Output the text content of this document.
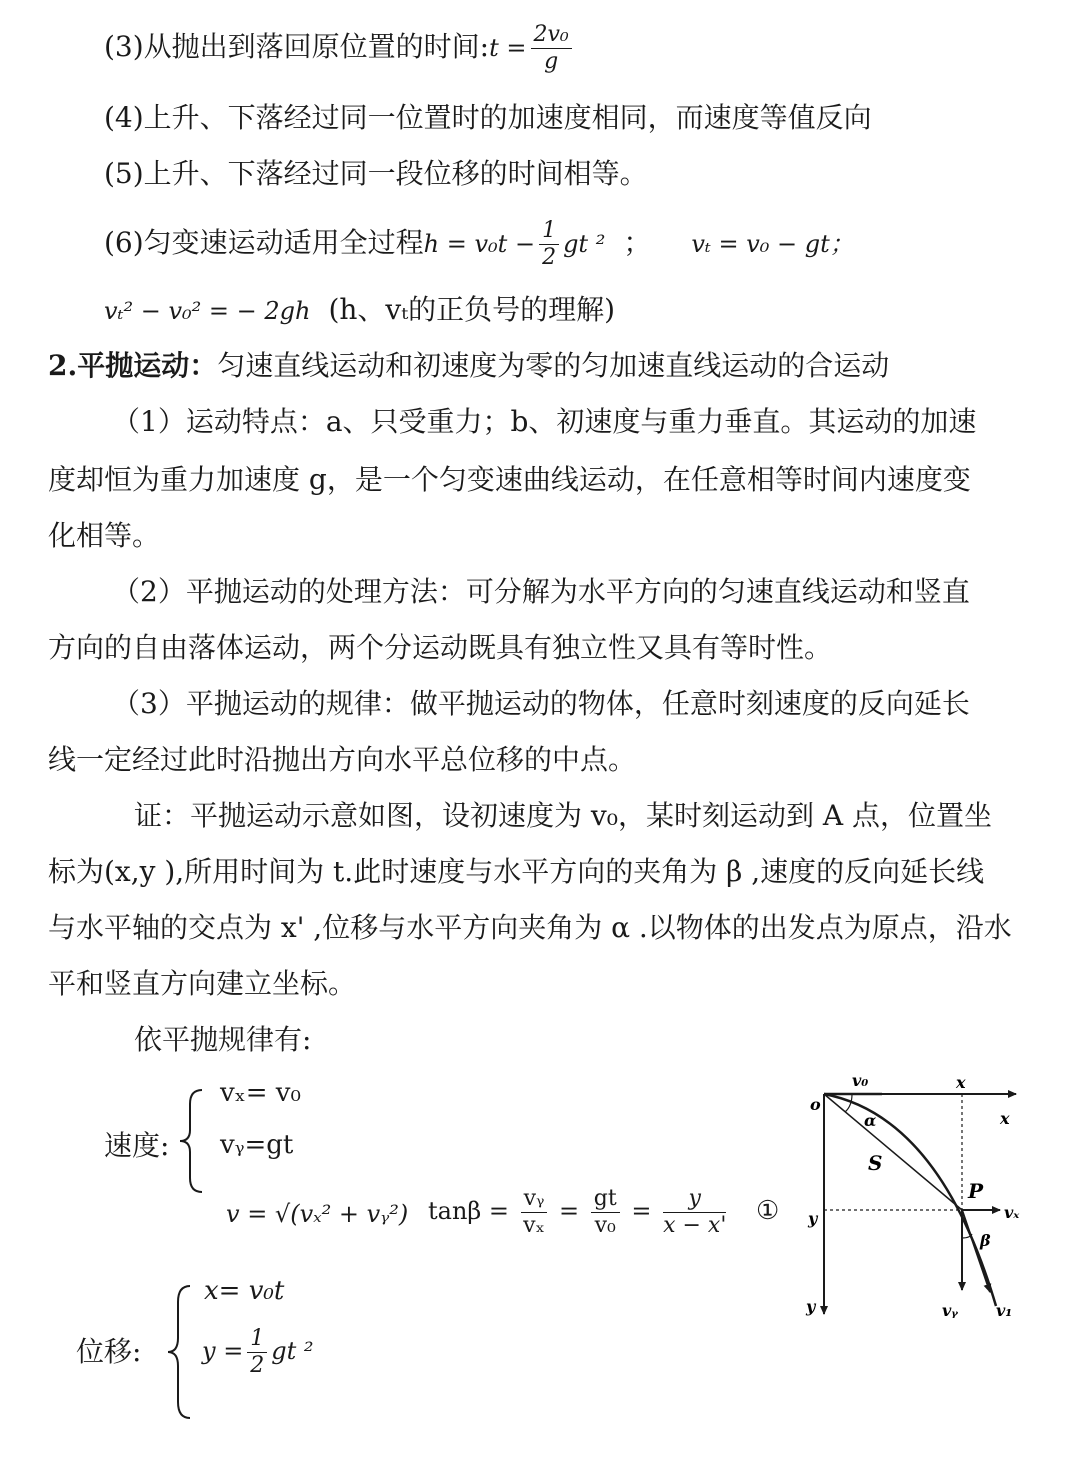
(3)从抛出到落回原位置的时间:t = $\frac{\text{2v₀}}{g}$
(4)上升、下落经过同一位置时的加速度相同，而速度等值反向
(5)上升、下落经过同一段位移的时间相等。
(6)匀变速运动适用全过程$h = v_0t - \frac{1}{2}$ gt ² ； vₜ = v₀ − gt；
vₜ² − v₀² = − 2gh (h、vₜ的正负号的理解)
2.平抛运动：匀速直线运动和初速度为零的匀加速直线运动的合运动
（1）运动特点：a、只受重力；b、初速度与重力垂直。其运动的加速
度却恒为重力加速度 g，是一个匀变速曲线运动，在任意相等时间内速度变
化相等。
（2）平抛运动的处理方法：可分解为水平方向的匀速直线运动和竖直
方向的自由落体运动，两个分运动既具有独立性又具有等时性。
（3）平抛运动的规律：做平抛运动的物体，任意时刻速度的反向延长
线一定经过此时沿抛出方向水平总位移的中点。
证：平抛运动示意如图，设初速度为 v₀，某时刻运动到 A 点，位置坐
标为(x,y ),所用时间为 t.此时速度与水平方向的夹角为 β ,速度的反向延长线
与水平轴的交点为 x' ,位移与水平方向夹角为 α .以物体的出发点为原点，沿水
平和竖直方向建立坐标。
依平抛规律有:
速度:
vₓ= v₀
vᵧ=gt
v = √(vₓ² + vᵧ²) $\tan\beta = \frac{\text{vᵧ}}{\text{vₓ}} = \frac{gt}{\text{v₀}} = \frac{y}{x - x'}$ ①
位移:
x= v₀t
$y = \frac{1}{2}$ gt ²
o
v₀	x
x
α
S
P
vₓ
y
β
y	vᵧ v₁
